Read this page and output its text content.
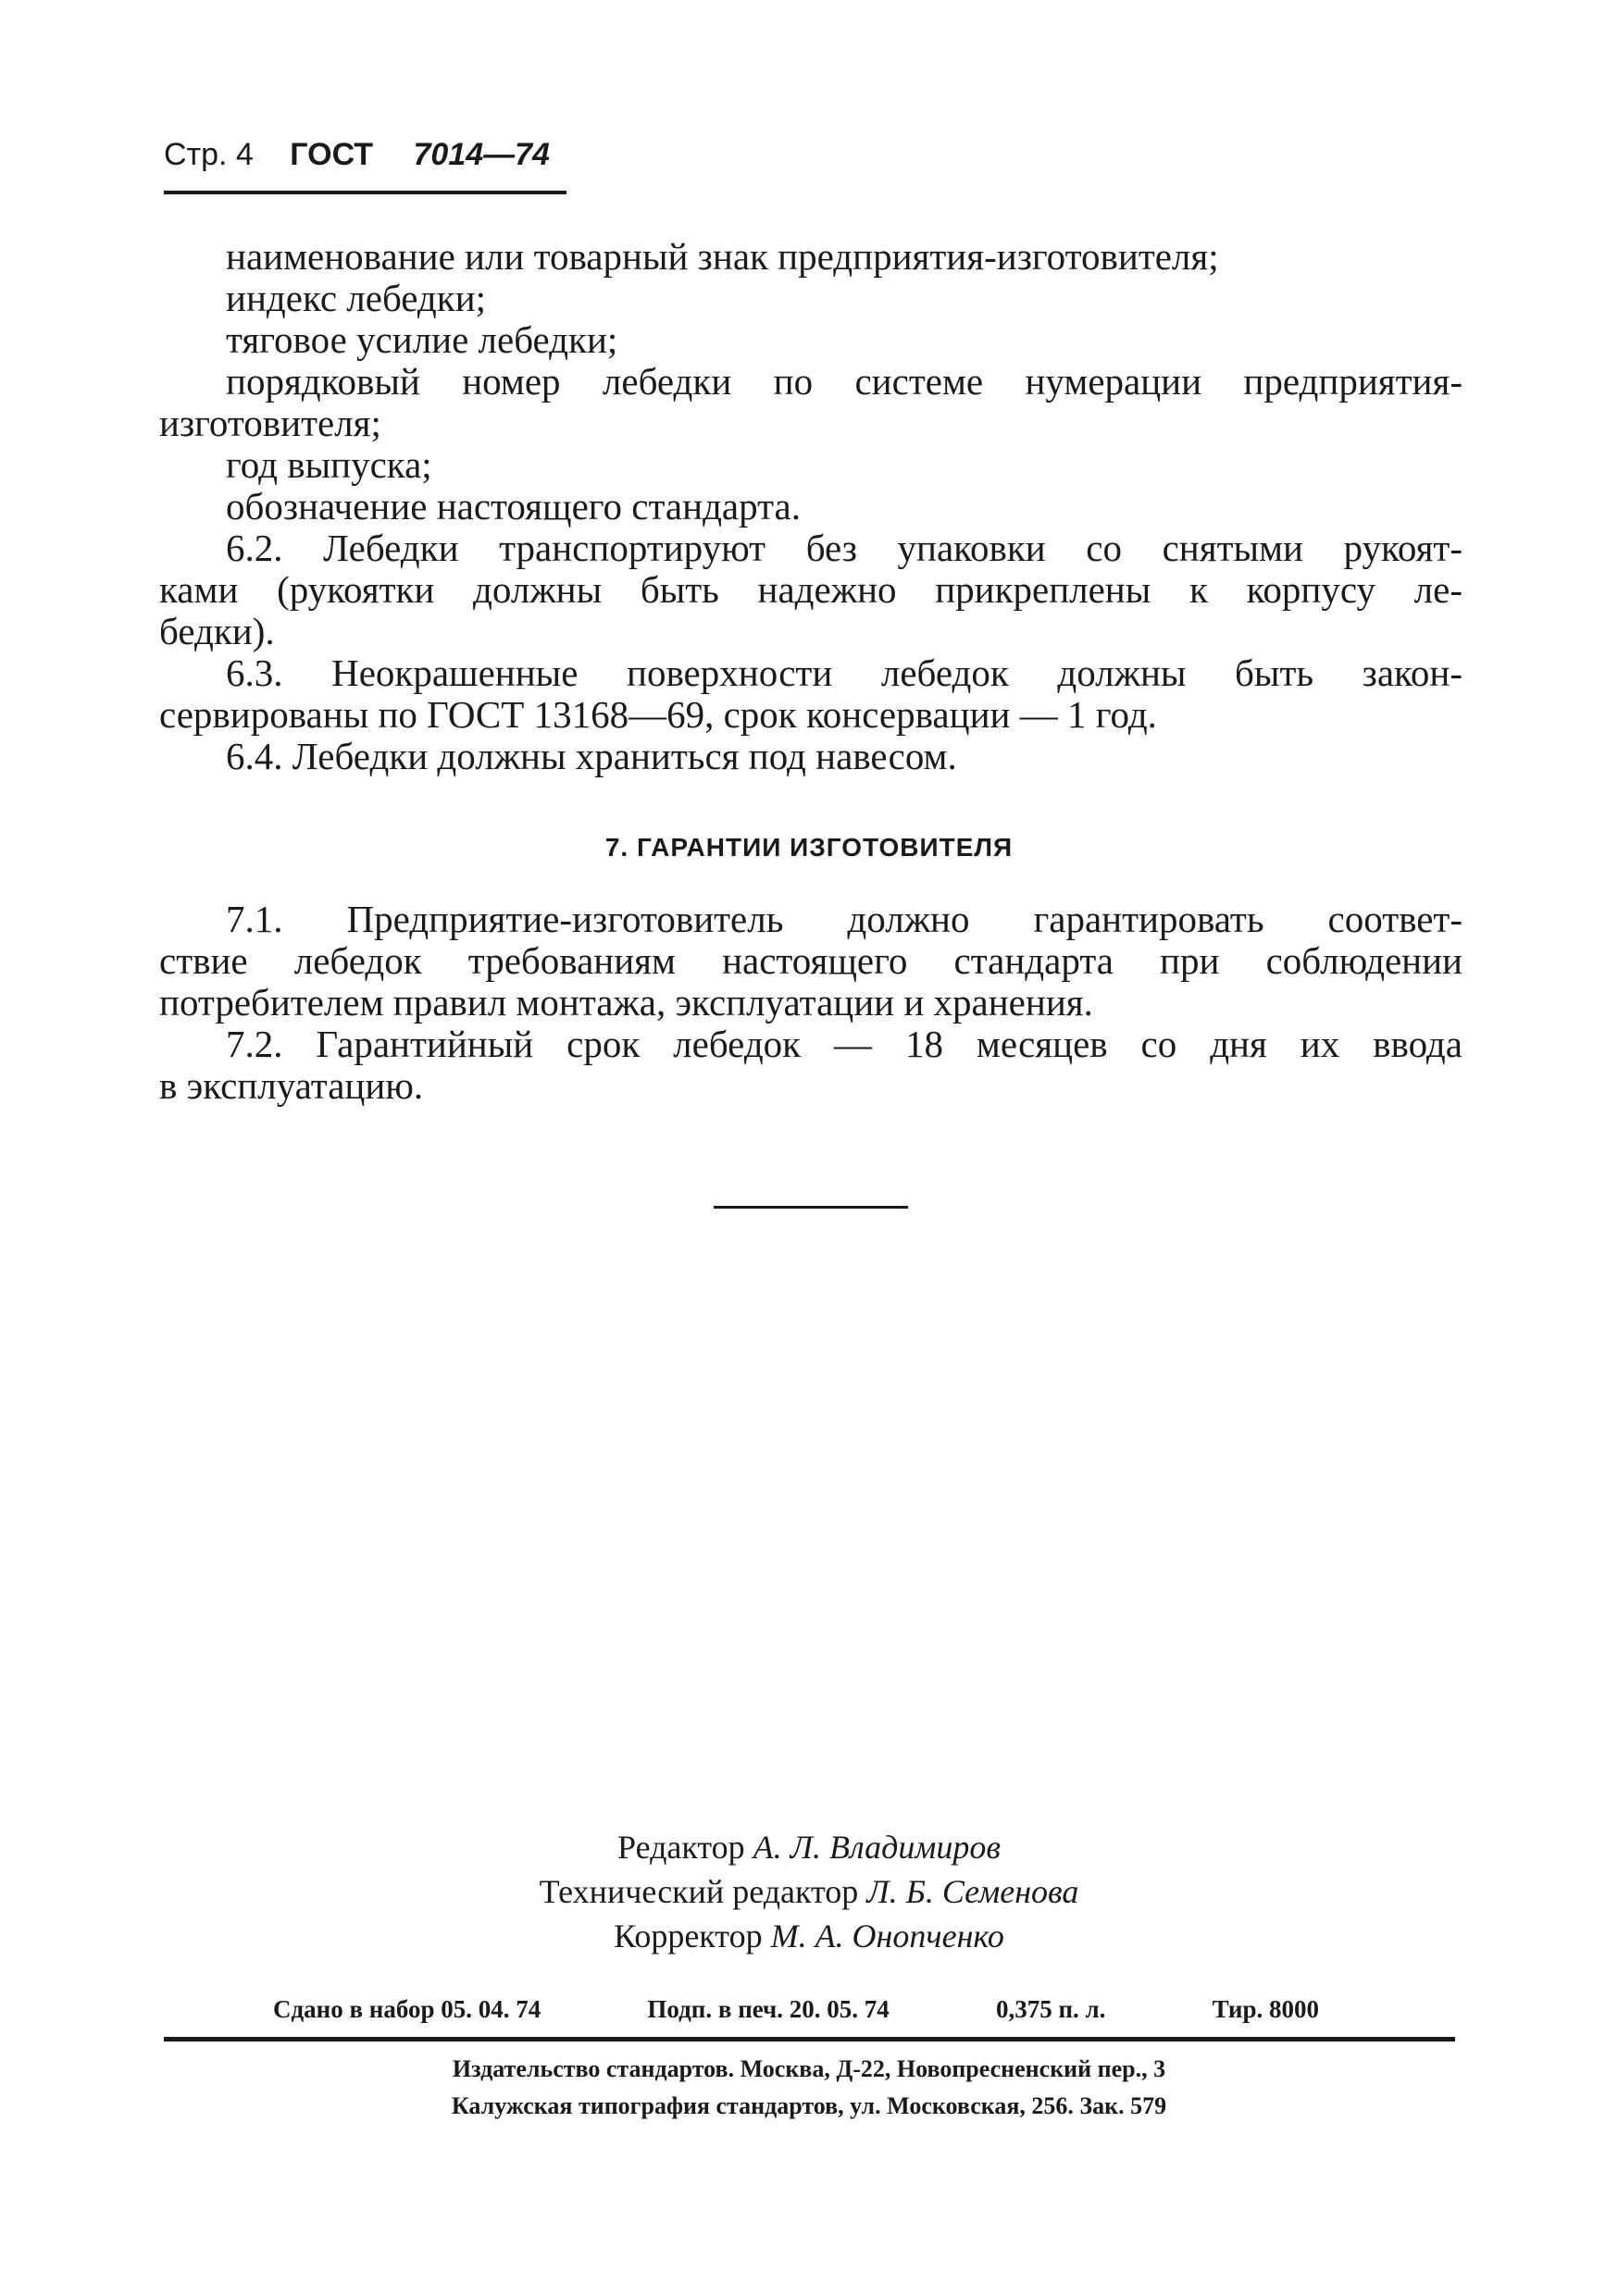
Стр. 4 ГОСТ 7014—74
наименование или товарный знак предприятия-изготовителя;
индекс лебедки;
тяговое усилие лебедки;
порядковый номер лебедки по системе нумерации предприятия-
изготовителя;
год выпуска;
обозначение настоящего стандарта.
6.2. Лебедки транспортируют без упаковки со снятыми рукоят-
ками (рукоятки должны быть надежно прикреплены к корпусу ле-
бедки).
6.3. Неокрашенные поверхности лебедок должны быть закон-
сервированы по ГОСТ 13168—69, срок консервации — 1 год.
6.4. Лебедки должны храниться под навесом.
7. ГАРАНТИИ ИЗГОТОВИТЕЛЯ
7.1. Предприятие-изготовитель должно гарантировать соответ-
ствие лебедок требованиям настоящего стандарта при соблюдении
потребителем правил монтажа, эксплуатации и хранения.
7.2. Гарантийный срок лебедок — 18 месяцев со дня их ввода
в эксплуатацию.
Редактор А. Л. Владимиров
Технический редактор Л. Б. Семенова
Корректор М. А. Онопченко
Сдано в набор 05. 04. 74	Подп. в печ. 20. 05. 74	0,375 п. л.	Тир. 8000
Издательство стандартов. Москва, Д-22, Новопресненский пер., 3
Калужская типография стандартов, ул. Московская, 256. Зак. 579
